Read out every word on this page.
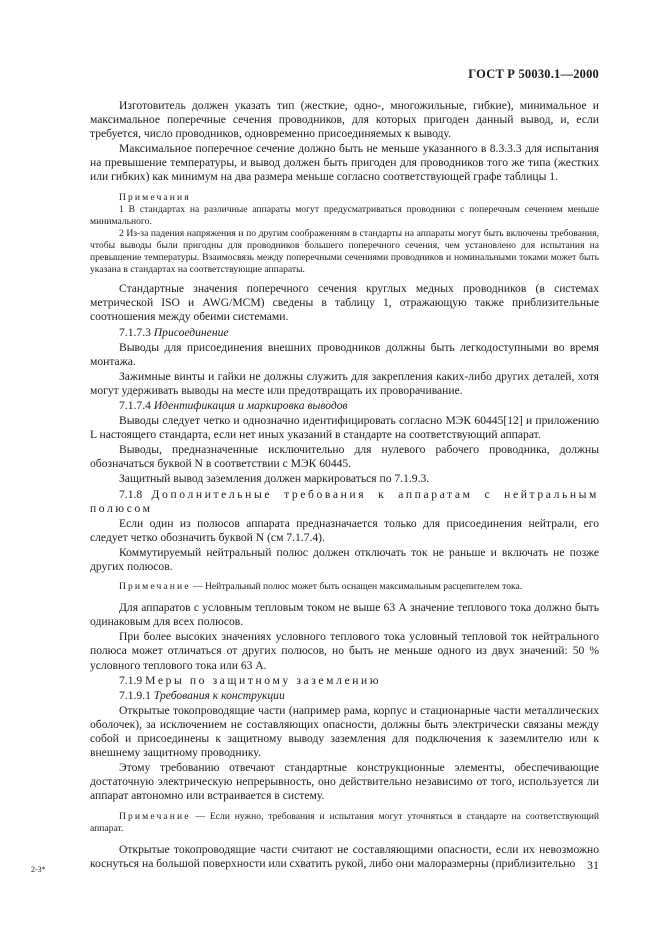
ГОСТ Р 50030.1—2000

Изготовитель должен указать тип (жесткие, одно-, многожильные, гибкие), минимальное и максимальное поперечные сечения проводников, для которых пригоден данный вывод, и, если требуется, число проводников, одновременно присоединяемых к выводу.

Максимальное поперечное сечение должно быть не меньше указанного в 8.3.3.3 для испытания на превышение температуры, и вывод должен быть пригоден для проводников того же типа (жестких или гибких) как минимум на два размера меньше согласно соответствующей графе таблицы 1.

Примечания

1 В стандартах на различные аппараты могут предусматриваться проводники с поперечным сечением меньше минимального.

2 Из-за падения напряжения и по другим соображениям в стандарты на аппараты могут быть включены требования, чтобы выводы были пригодны для проводников большего поперечного сечения, чем установлено для испытания на превышение температуры. Взаимосвязь между поперечными сечениями проводников и номинальными токами может быть указана в стандартах на соответствующие аппараты.

Стандартные значения поперечного сечения круглых медных проводников (в системах метрической ISO и AWG/MCM) сведены в таблицу 1, отражающую также приблизительные соотношения между обеими системами.

7.1.7.3 Присоединение

Выводы для присоединения внешних проводников должны быть легкодоступными во время монтажа.

Зажимные винты и гайки не должны служить для закрепления каких-либо других деталей, хотя могут удерживать выводы на месте или предотвращать их проворачивание.

7.1.7.4 Идентификация и маркировка выводов

Выводы следует четко и однозначно идентифицировать согласно МЭК 60445[12] и приложению L настоящего стандарта, если нет иных указаний в стандарте на соответствующий аппарат.

Выводы, предназначенные исключительно для нулевого рабочего проводника, должны обозначаться буквой N в соответствии с МЭК 60445.

Защитный вывод заземления должен маркироваться по 7.1.9.3.

7.1.8 Дополнительные требования к аппаратам с нейтральным полюсом

Если один из полюсов аппарата предназначается только для присоединения нейтрали, его следует четко обозначить буквой N (см 7.1.7.4).

Коммутируемый нейтральный полюс должен отключать ток не раньше и включать не позже других полюсов.

Примечание — Нейтральный полюс может быть оснащен максимальным расцепителем тока.

Для аппаратов с условным тепловым током не выше 63 А значение теплового тока должно быть одинаковым для всех полюсов.

При более высоких значениях условного теплового тока условный тепловой ток нейтрального полюса может отличаться от других полюсов, но быть не меньше одного из двух значений: 50 % условного теплового тока или 63 А.

7.1.9 Меры по защитному заземлению

7.1.9.1 Требования к конструкции

Открытые токопроводящие части (например рама, корпус и стационарные части металлических оболочек), за исключением не составляющих опасности, должны быть электрически связаны между собой и присоединены к защитному выводу заземления для подключения к заземлителю или к внешнему защитному проводнику.

Этому требованию отвечают стандартные конструкционные элементы, обеспечивающие достаточную электрическую непрерывность, оно действительно независимо от того, используется ли аппарат автономно или встраивается в систему.

Примечание — Если нужно, требования и испытания могут уточняться в стандарте на соответствующий аппарат.

Открытые токопроводящие части считают не составляющими опасности, если их невозможно коснуться на большой поверхности или схватить рукой, либо они малоразмерны (приблизительно

2-3*	31
